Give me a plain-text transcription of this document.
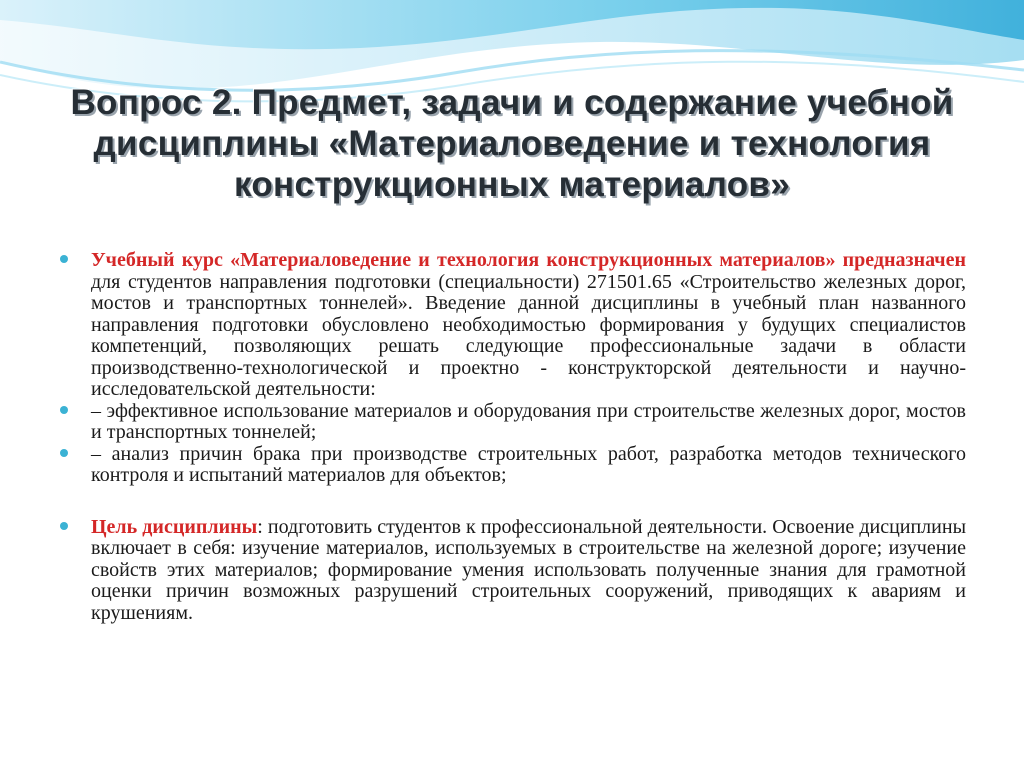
Вопрос 2. Предмет, задачи и содержание учебной дисциплины «Материаловедение и технология конструкционных материалов»
Учебный курс «Материаловедение и технология конструкционных материалов» предназначен для студентов направления подготовки (специальности) 271501.65 «Строительство железных дорог, мостов и транспортных тоннелей». Введение данной дисциплины в учебный план названного направления подготовки обусловлено необходимостью формирования у будущих специалистов компетенций, позволяющих решать следующие профессиональные задачи в области производственно-технологической и проектно - конструкторской деятельности и научно-исследовательской деятельности:
– эффективное использование материалов и оборудования при строительстве железных дорог, мостов и транспортных тоннелей;
– анализ причин брака при производстве строительных работ, разработка методов технического контроля и испытаний материалов для объектов;
Цель дисциплины: подготовить студентов к профессиональной деятельности. Освоение дисциплины включает в себя: изучение материалов, используемых в строительстве на железной дороге; изучение свойств этих материалов; формирование умения использовать полученные знания для грамотной оценки причин возможных разрушений строительных сооружений, приводящих к авариям и крушениям.
